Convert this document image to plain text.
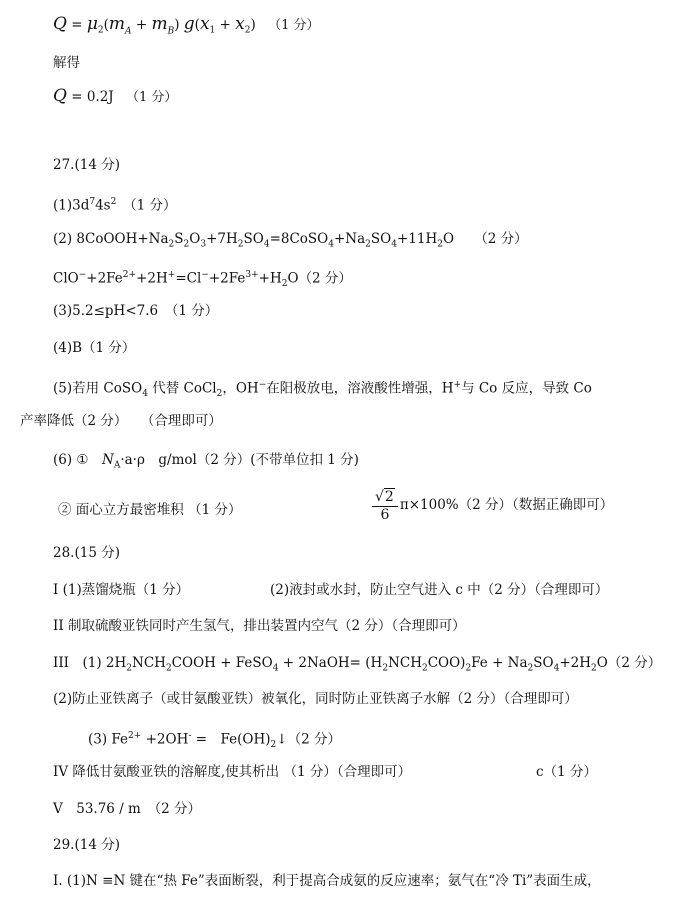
$Q = \mu_2(m_A + m_B) g(x_1 + x_2)$ （1 分）
解得
Q = 0.2J （1 分）
27.(14 分)
$(1)3d^74s^2$　（1 分）
(2) $8CoOOH+Na_2S_2O_3+7H_2SO_4=8CoSO_4+Na_2SO_4+11H_2O$　　（2 分）
$ClO^-+2Fe^{2+}+2H^+=Cl^-+2Fe^{3+}+H_2O(2$ 分）
(3)5.2≤pH<7.6　（1 分）
(4)B（1 分）
(5)若用 CoSO$_4$ 代替 CoCl$_2$，OH−在阳极放电，溶液酸性增强，H+与 Co 反应，导致 Co
产率降低（2 分）　　（合理即可）
(6) ①　$N_A\cdot a\cdot\rho$　g/mol（2 分）(不带单位扣 1 分)
② 面心立方最密堆积 （1 分）	$\frac{√2}{6} \pi\times 100\%(2$ 分）（数据正确即可）
28.(15 分)
I (1)蒸馏烧瓶（1 分）	(2)液封或水封，防止空气进入 c 中（2 分）（合理即可）
II 制取硫酸亚铁同时产生氢气，排出装置内空气（2 分）（合理即可）
III　(1) $2H_2NCH_2COOH$ + FeSO$_4$ + 2NaOH= $(H_2NCH_2COO)_2Fe + Na_2SO_4+2H_2O(2$ 分）
(2)防止亚铁离子（或甘氨酸亚铁）被氧化，同时防止亚铁离子水解（2 分）（合理即可）
(3) $Fe^{2+} +2OH^-$ =　$Fe(OH)_2↓(2$ 分）
IV 降低甘氨酸亚铁的溶解度,使其析出 （1 分）（合理即可）	c（1 分）
V　53.76 / m　（2 分）
29.(14 分)
I. (1)N ≡N 键在“热 Fe”表面断裂，利于提高合成氨的反应速率；氨气在“冷 Ti”表面生成，
